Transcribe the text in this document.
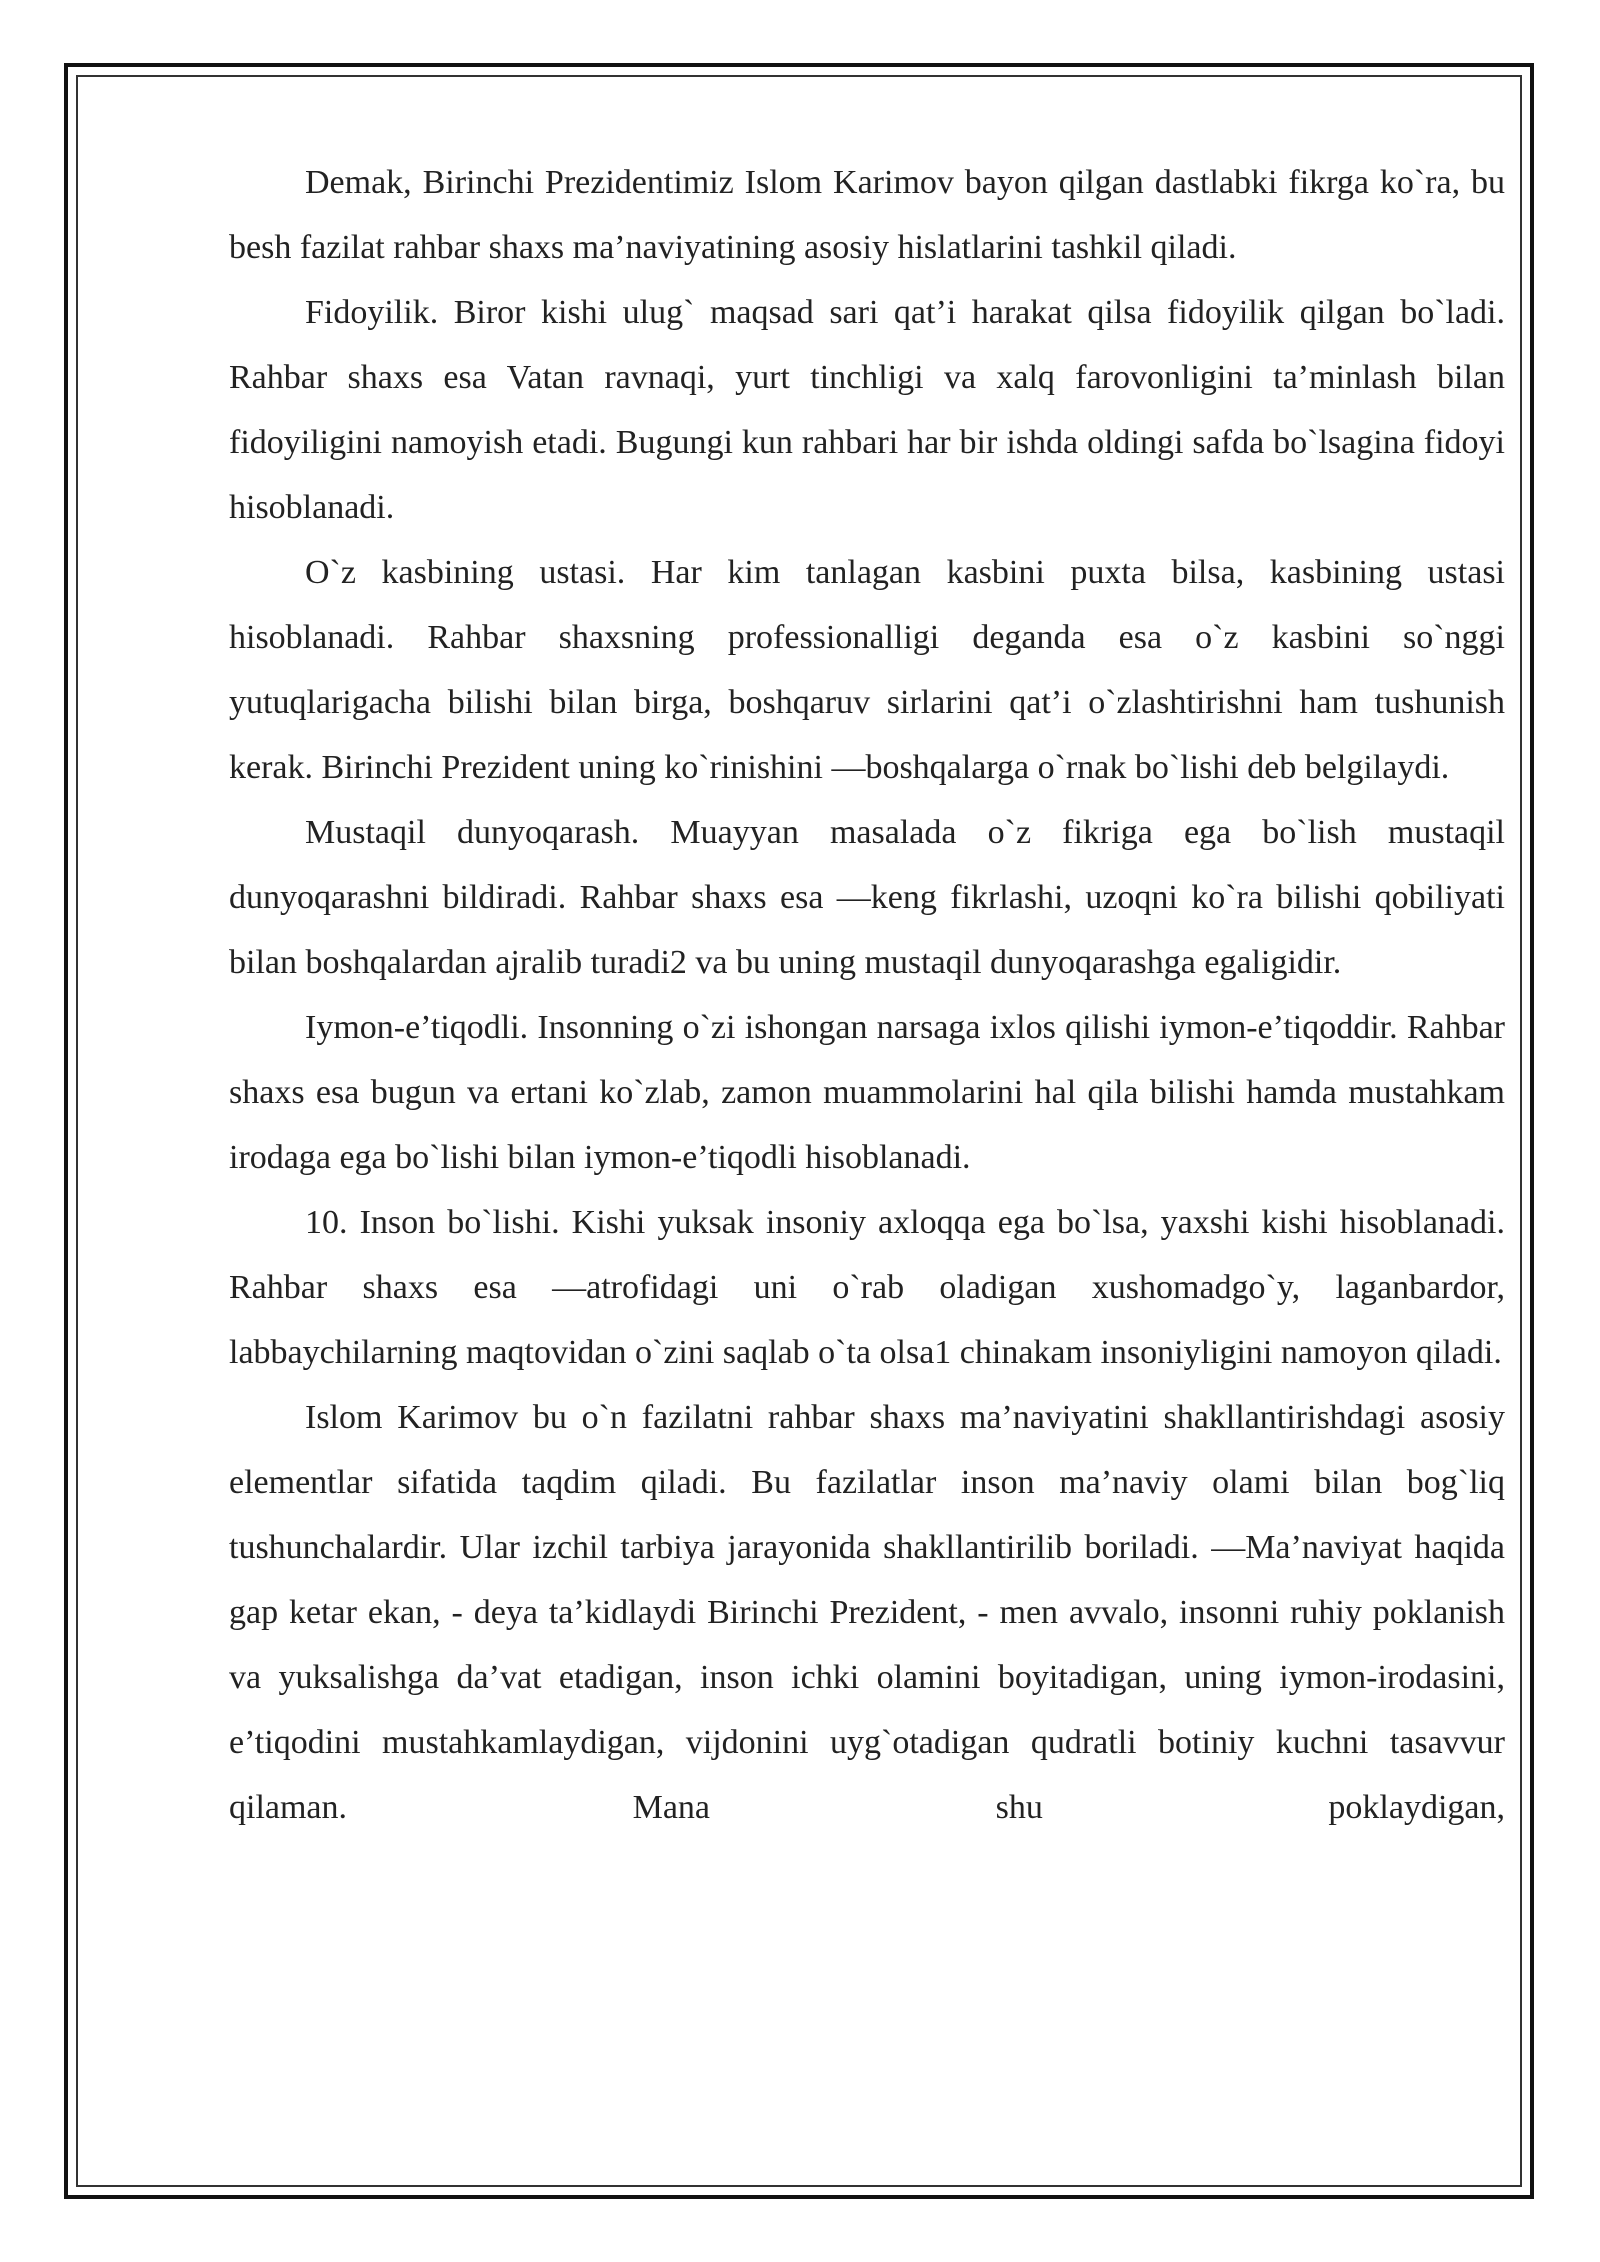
Demak, Birinchi Prezidentimiz Islom Karimov bayon qilgan dastlabki fikrga ko`ra, bu besh fazilat rahbar shaxs ma’naviyatining asosiy hislatlarini tashkil qiladi.

Fidoyilik. Biror kishi ulug` maqsad sari qat’i harakat qilsa fidoyilik qilgan bo`ladi. Rahbar shaxs esa Vatan ravnaqi, yurt tinchligi va xalq farovonligini ta’minlash bilan fidoyiligini namoyish etadi. Bugungi kun rahbari har bir ishda oldingi safda bo`lsagina fidoyi hisoblanadi.

O`z kasbining ustasi. Har kim tanlagan kasbini puxta bilsa, kasbining ustasi hisoblanadi. Rahbar shaxsning professionalligi deganda esa o`z kasbini so`nggi yutuqlarigacha bilishi bilan birga, boshqaruv sirlarini qat’i o`zlashtirishni ham tushunish kerak. Birinchi Prezident uning ko`rinishini ―boshqalarga o`rnak bo`lishi deb belgilaydi.

Mustaqil dunyoqarash. Muayyan masalada o`z fikriga ega bo`lish mustaqil dunyoqarashni bildiradi. Rahbar shaxs esa ―keng fikrlashi, uzoqni ko`ra bilishi qobiliyati bilan boshqalardan ajralib turadi2 va bu uning mustaqil dunyoqarashga egaligidir.

Iymon-e’tiqodli. Insonning o`zi ishongan narsaga ixlos qilishi iymon-e’tiqoddir. Rahbar shaxs esa bugun va ertani ko`zlab, zamon muammolarini hal qila bilishi hamda mustahkam irodaga ega bo`lishi bilan iymon-e’tiqodli hisoblanadi.

10. Inson bo`lishi. Kishi yuksak insoniy axloqqa ega bo`lsa, yaxshi kishi hisoblanadi. Rahbar shaxs esa ―atrofidagi uni o`rab oladigan xushomadgo`y, laganbardor, labbaychilarning maqtovidan o`zini saqlab o`ta olsa1 chinakam insoniyligini namoyon qiladi.

Islom Karimov bu o`n fazilatni rahbar shaxs ma’naviyatini shakllantirishdagi asosiy elementlar sifatida taqdim qiladi. Bu fazilatlar inson ma’naviy olami bilan bog`liq tushunchalardir. Ular izchil tarbiya jarayonida shakllantirilib boriladi. ―Ma’naviyat haqida gap ketar ekan, - deya ta’kidlaydi Birinchi Prezident, - men avvalo, insonni ruhiy poklanish va yuksalishga da’vat etadigan, inson ichki olamini boyitadigan, uning iymon-irodasini, e’tiqodini mustahkamlaydigan, vijdonini uyg`otadigan qudratli botiniy kuchni tasavvur qilaman. Mana shu poklaydigan,
